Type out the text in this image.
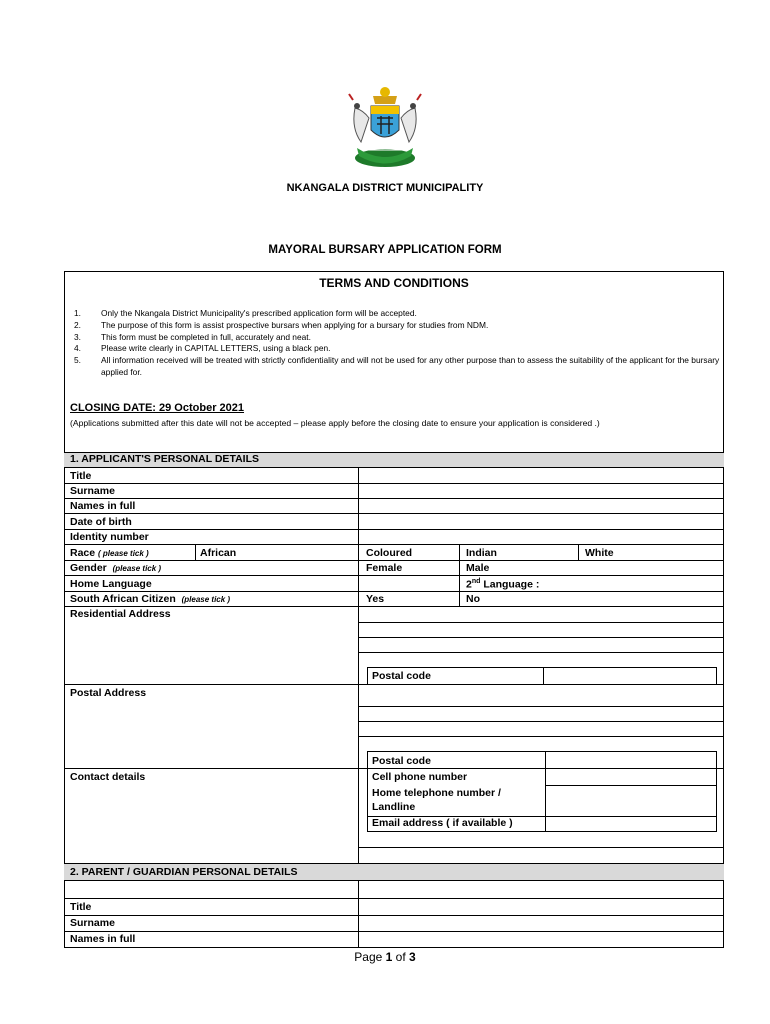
NKANGALA DISTRICT MUNICIPALITY
MAYORAL BURSARY APPLICATION FORM
TERMS AND CONDITIONS
1.	Only the Nkangala District Municipality's prescribed application form will be accepted.
2.	The purpose of this form is assist prospective bursars when applying for a bursary for studies from NDM.
3.	This form must be completed in full, accurately and neat.
4.	Please write clearly in CAPITAL LETTERS, using a black pen.
5.	All information received will be treated with strictly confidentiality and will not be used for any other purpose than to assess the suitability of the applicant for the bursary applied for.
CLOSING DATE: 29 October 2021
(Applications submitted after this date will not be accepted – please apply before the closing date to ensure your application is considered .)
1. APPLICANT'S PERSONAL DETAILS
Title
Surname
Names in full
Date of birth
Identity number
Race ( please tick )	African	Coloured	Indian	White
Gender (please tick )	Female	Male
Home Language	2nd Language :
South African Citizen (please tick )	Yes	No
Residential Address
Postal code
Postal Address
Postal code
Contact details	Cell phone number
Home telephone number /
Landline
Email address ( if available )
2. PARENT / GUARDIAN PERSONAL DETAILS
Title
Surname
Names in full
Page 1 of 3
